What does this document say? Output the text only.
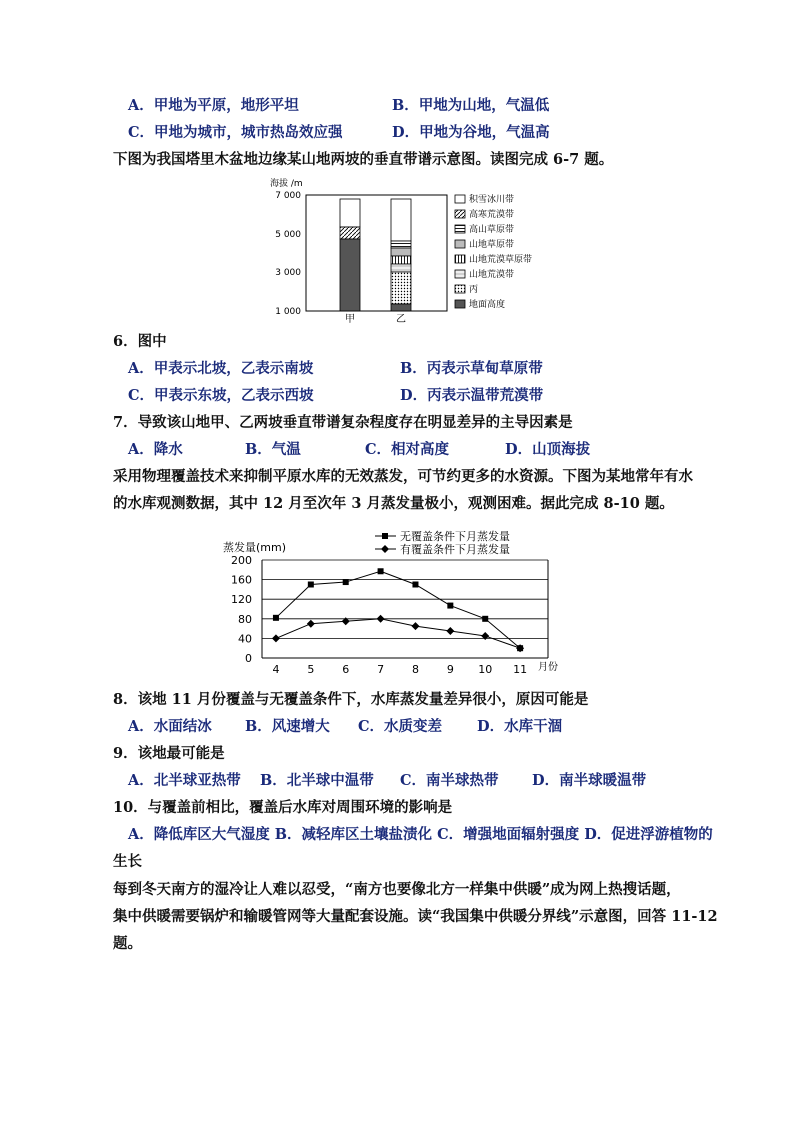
A．甲地为平原，地形平坦	B．甲地为山地，气温低
C．甲地为城市，城市热岛效应强	D．甲地为谷地，气温高
下图为我国塔里木盆地边缘某山地两坡的垂直带谱示意图。读图完成 6-7 题。
海拔 /m
7 000
5 000
3 000
1 000
甲	乙
积雪冰川带
高寒荒漠带
高山草原带
山地草原带
山地荒漠草原带
山地荒漠带
丙
地面高度
6．图中
A．甲表示北坡，乙表示南坡	B．丙表示草甸草原带
C．甲表示东坡，乙表示西坡	D．丙表示温带荒漠带
7．导致该山地甲、乙两坡垂直带谱复杂程度存在明显差异的主导因素是
A．降水	B．气温	C．相对高度	D．山顶海拔
采用物理覆盖技术来抑制平原水库的无效蒸发，可节约更多的水资源。下图为某地常年有水
的水库观测数据，其中 12 月至次年 3 月蒸发量极小，观测困难。据此完成 8-10 题。
0
40
80
120
160
200
4	5	6	7	8	9 10 11
蒸发量(mm)
月份
无覆盖条件下月蒸发量
有覆盖条件下月蒸发量
8．该地 11 月份覆盖与无覆盖条件下，水库蒸发量差异很小，原因可能是
A．水面结冰 B．风速增大 C．水质变差 D．水库干涸
9．该地最可能是
A．北半球亚热带 B．北半球中温带 C．南半球热带 D．南半球暖温带
10．与覆盖前相比，覆盖后水库对周围环境的影响是
A．降低库区大气湿度 B．减轻库区土壤盐渍化 C．增强地面辐射强度 D．促进浮游植物的
生长
每到冬天南方的湿冷让人难以忍受，“南方也要像北方一样集中供暖”成为网上热搜话题，
集中供暖需要锅炉和输暖管网等大量配套设施。读“我国集中供暖分界线”示意图，回答 11-12
题。
